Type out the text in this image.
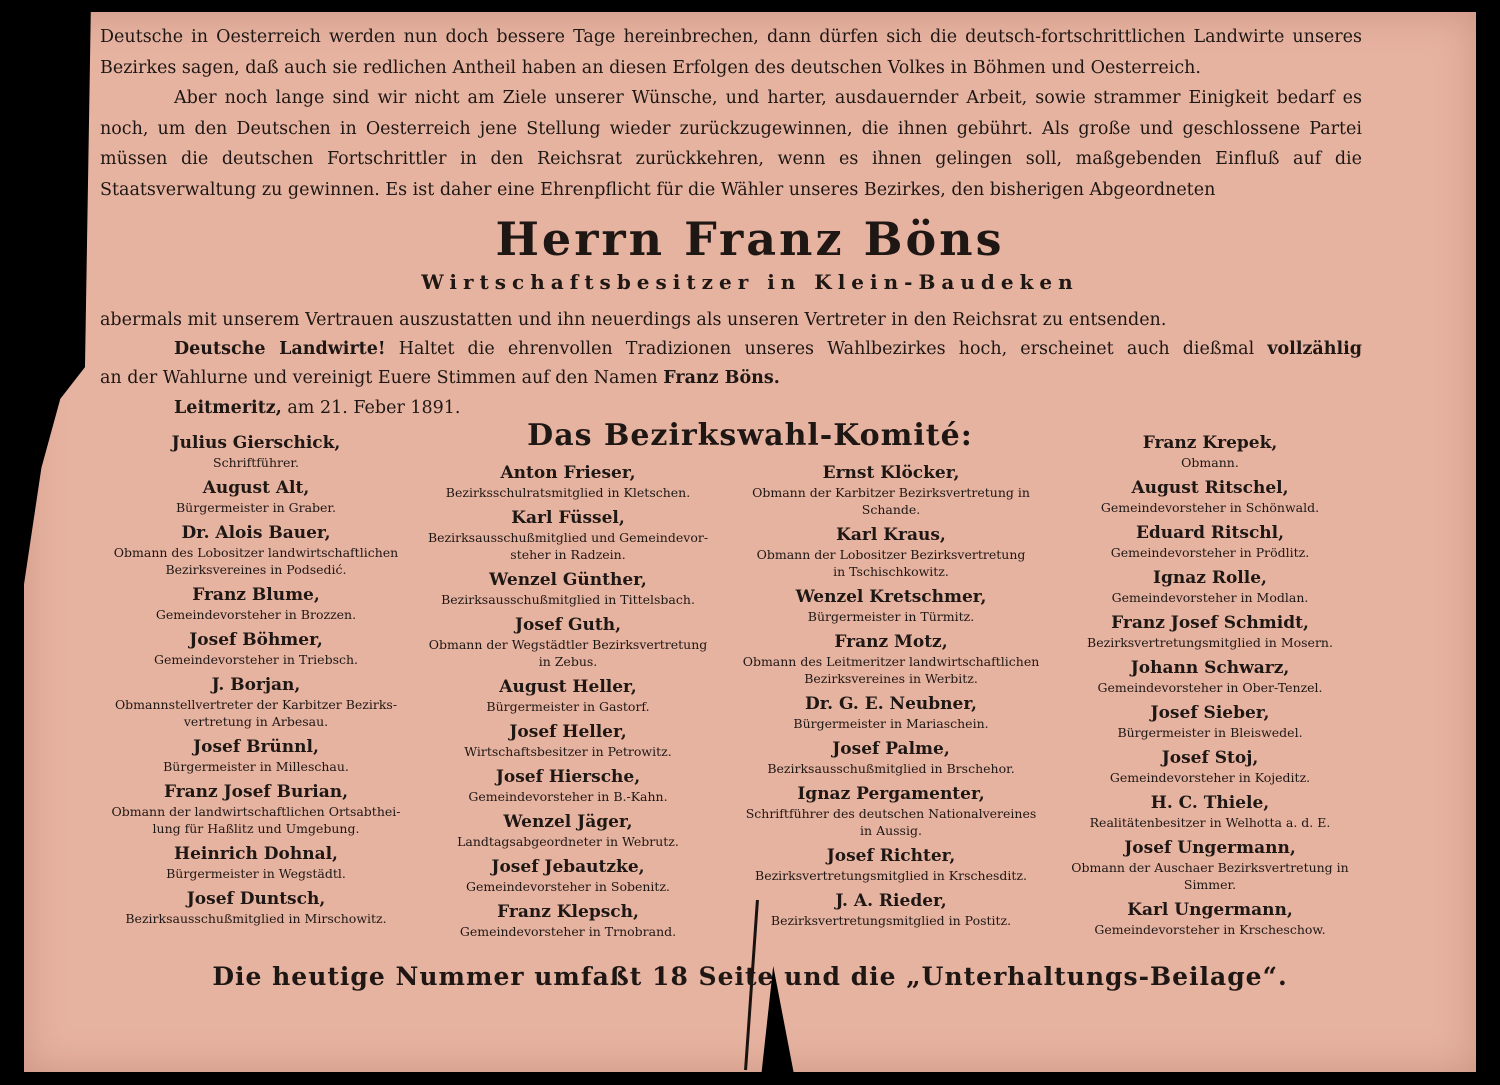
Deutsche in Oesterreich werden nun doch bessere Tage hereinbrechen, dann dürfen sich die deutsch-fortschrittlichen Landwirte unseres Bezirkes sagen, daß auch sie redlichen Antheil haben an diesen Erfolgen des deutschen Volkes in Böhmen und Oesterreich.

Aber noch lange sind wir nicht am Ziele unserer Wünsche, und harter, ausdauernder Arbeit, sowie strammer Einigkeit bedarf es noch, um den Deutschen in Oesterreich jene Stellung wieder zurückzugewinnen, die ihnen gebührt. Als große und geschlossene Partei müssen die deutschen Fortschrittler in den Reichsrat zurückkehren, wenn es ihnen gelingen soll, maßgebenden Einfluß auf die Staatsverwaltung zu gewinnen. Es ist daher eine Ehrenpflicht für die Wähler unseres Bezirkes, den bisherigen Abgeordneten

Herrn Franz Böns
Wirtschaftsbesitzer in Klein-Baudeken

abermals mit unserem Vertrauen auszustatten und ihn neuerdings als unseren Vertreter in den Reichsrat zu entsenden.

Deutsche Landwirte! Haltet die ehrenvollen Tradizionen unseres Wahlbezirkes hoch, erscheinet auch dießmal vollzählig

an der Wahlurne und vereinigt Euere Stimmen auf den Namen Franz Böns.

Leitmeritz, am 21. Feber 1891.

Das Bezirkswahl-Komité:
Julius Gierschick,
Schriftführer.
August Alt,
Bürgermeister in Graber.
Dr. Alois Bauer,
Obmann des Lobositzer landwirtschaftlichen
Bezirksvereines in Podsedić.
Franz Blume,
Gemeindevorsteher in Brozzen.
Josef Böhmer,
Gemeindevorsteher in Triebsch.
J. Borjan,
Obmannstellvertreter der Karbitzer Bezirks-
vertretung in Arbesau.
Josef Brünnl,
Bürgermeister in Milleschau.
Franz Josef Burian,
Obmann der landwirtschaftlichen Ortsabthei-
lung für Haßlitz und Umgebung.
Heinrich Dohnal,
Bürgermeister in Wegstädtl.
Josef Duntsch,
Bezirksausschußmitglied in Mirschowitz.
Anton Frieser,
Bezirksschulratsmitglied in Kletschen.
Karl Füssel,
Bezirksausschußmitglied und Gemeindevor-
steher in Radzein.
Wenzel Günther,
Bezirksausschußmitglied in Tittelsbach.
Josef Guth,
Obmann der Wegstädtler Bezirksvertretung
in Zebus.
August Heller,
Bürgermeister in Gastorf.
Josef Heller,
Wirtschaftsbesitzer in Petrowitz.
Josef Hiersche,
Gemeindevorsteher in B.-Kahn.
Wenzel Jäger,
Landtagsabgeordneter in Webrutz.
Josef Jebautzke,
Gemeindevorsteher in Sobenitz.
Franz Klepsch,
Gemeindevorsteher in Trnobrand.
Ernst Klöcker,
Obmann der Karbitzer Bezirksvertretung in
Schande.
Karl Kraus,
Obmann der Lobositzer Bezirksvertretung
in Tschischkowitz.
Wenzel Kretschmer,
Bürgermeister in Türmitz.
Franz Motz,
Obmann des Leitmeritzer landwirtschaftlichen
Bezirksvereines in Werbitz.
Dr. G. E. Neubner,
Bürgermeister in Mariaschein.
Josef Palme,
Bezirksausschußmitglied in Brschehor.
Ignaz Pergamenter,
Schriftführer des deutschen Nationalvereines
in Aussig.
Josef Richter,
Bezirksvertretungsmitglied in Krschesditz.
J. A. Rieder,
Bezirksvertretungsmitglied in Postitz.
Franz Krepek,
Obmann.
August Ritschel,
Gemeindevorsteher in Schönwald.
Eduard Ritschl,
Gemeindevorsteher in Prödlitz.
Ignaz Rolle,
Gemeindevorsteher in Modlan.
Franz Josef Schmidt,
Bezirksvertretungsmitglied in Mosern.
Johann Schwarz,
Gemeindevorsteher in Ober-Tenzel.
Josef Sieber,
Bürgermeister in Bleiswedel.
Josef Stoj,
Gemeindevorsteher in Kojeditz.
H. C. Thiele,
Realitätenbesitzer in Welhotta a. d. E.
Josef Ungermann,
Obmann der Auschaer Bezirksvertretung in
Simmer.
Karl Ungermann,
Gemeindevorsteher in Krscheschow.
Die heutige Nummer umfaßt 18 Seite und die „Unterhaltungs-Beilage“.
